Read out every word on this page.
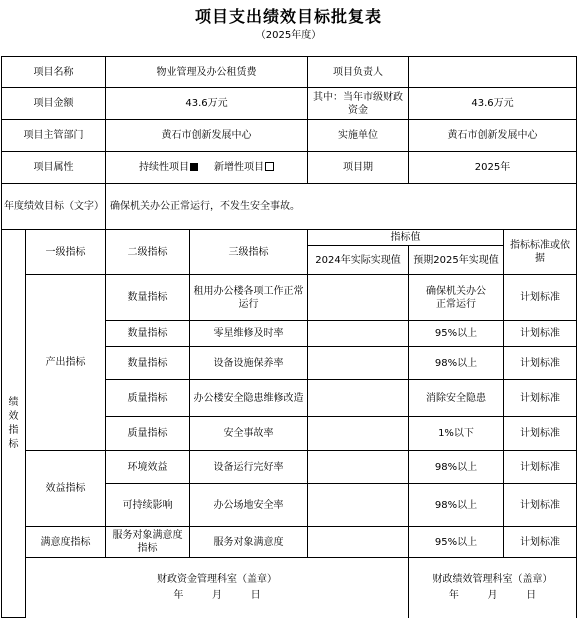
项目支出绩效目标批复表
（2025年度）
项目名称		物业管理及办公租赁费		项目负责人		
项目金额		43.6万元		其中：当年市级财政资金	43.6万元	
项目主管部门		黄石市创新发展中心		实施单位	黄石市创新发展中心	
项目属性		持续性项目 新增性项目		项目期	2025年	
年度绩效目标（文字）		确保机关办公正常运行，不发生安全事故。				

绩
效
指
标	一级指标	二级指标	三级指标	指标值		指标标准或依据
				2024年实际实现值	预期2025年实现值	
	产出指标	数量指标	租用办公楼各项工作正常运行		确保机关办公正常运行	计划标准
		数量指标	零星维修及时率		95%以上	计划标准
		数量指标	设备设施保养率		98%以上	计划标准
		质量指标	办公楼安全隐患维修改造		消除安全隐患	计划标准
		质量指标	安全事故率		1%以下	计划标准
	效益指标	环境效益	设备运行完好率		98%以上	计划标准
		可持续影响	办公场地安全率		98%以上	计划标准
	满意度指标	服务对象满意度指标	服务对象满意度		95%以上	计划标准

	财政资金管理科室（盖章）
年 月 日				财政绩效管理科室（盖章）
年 月 日	
